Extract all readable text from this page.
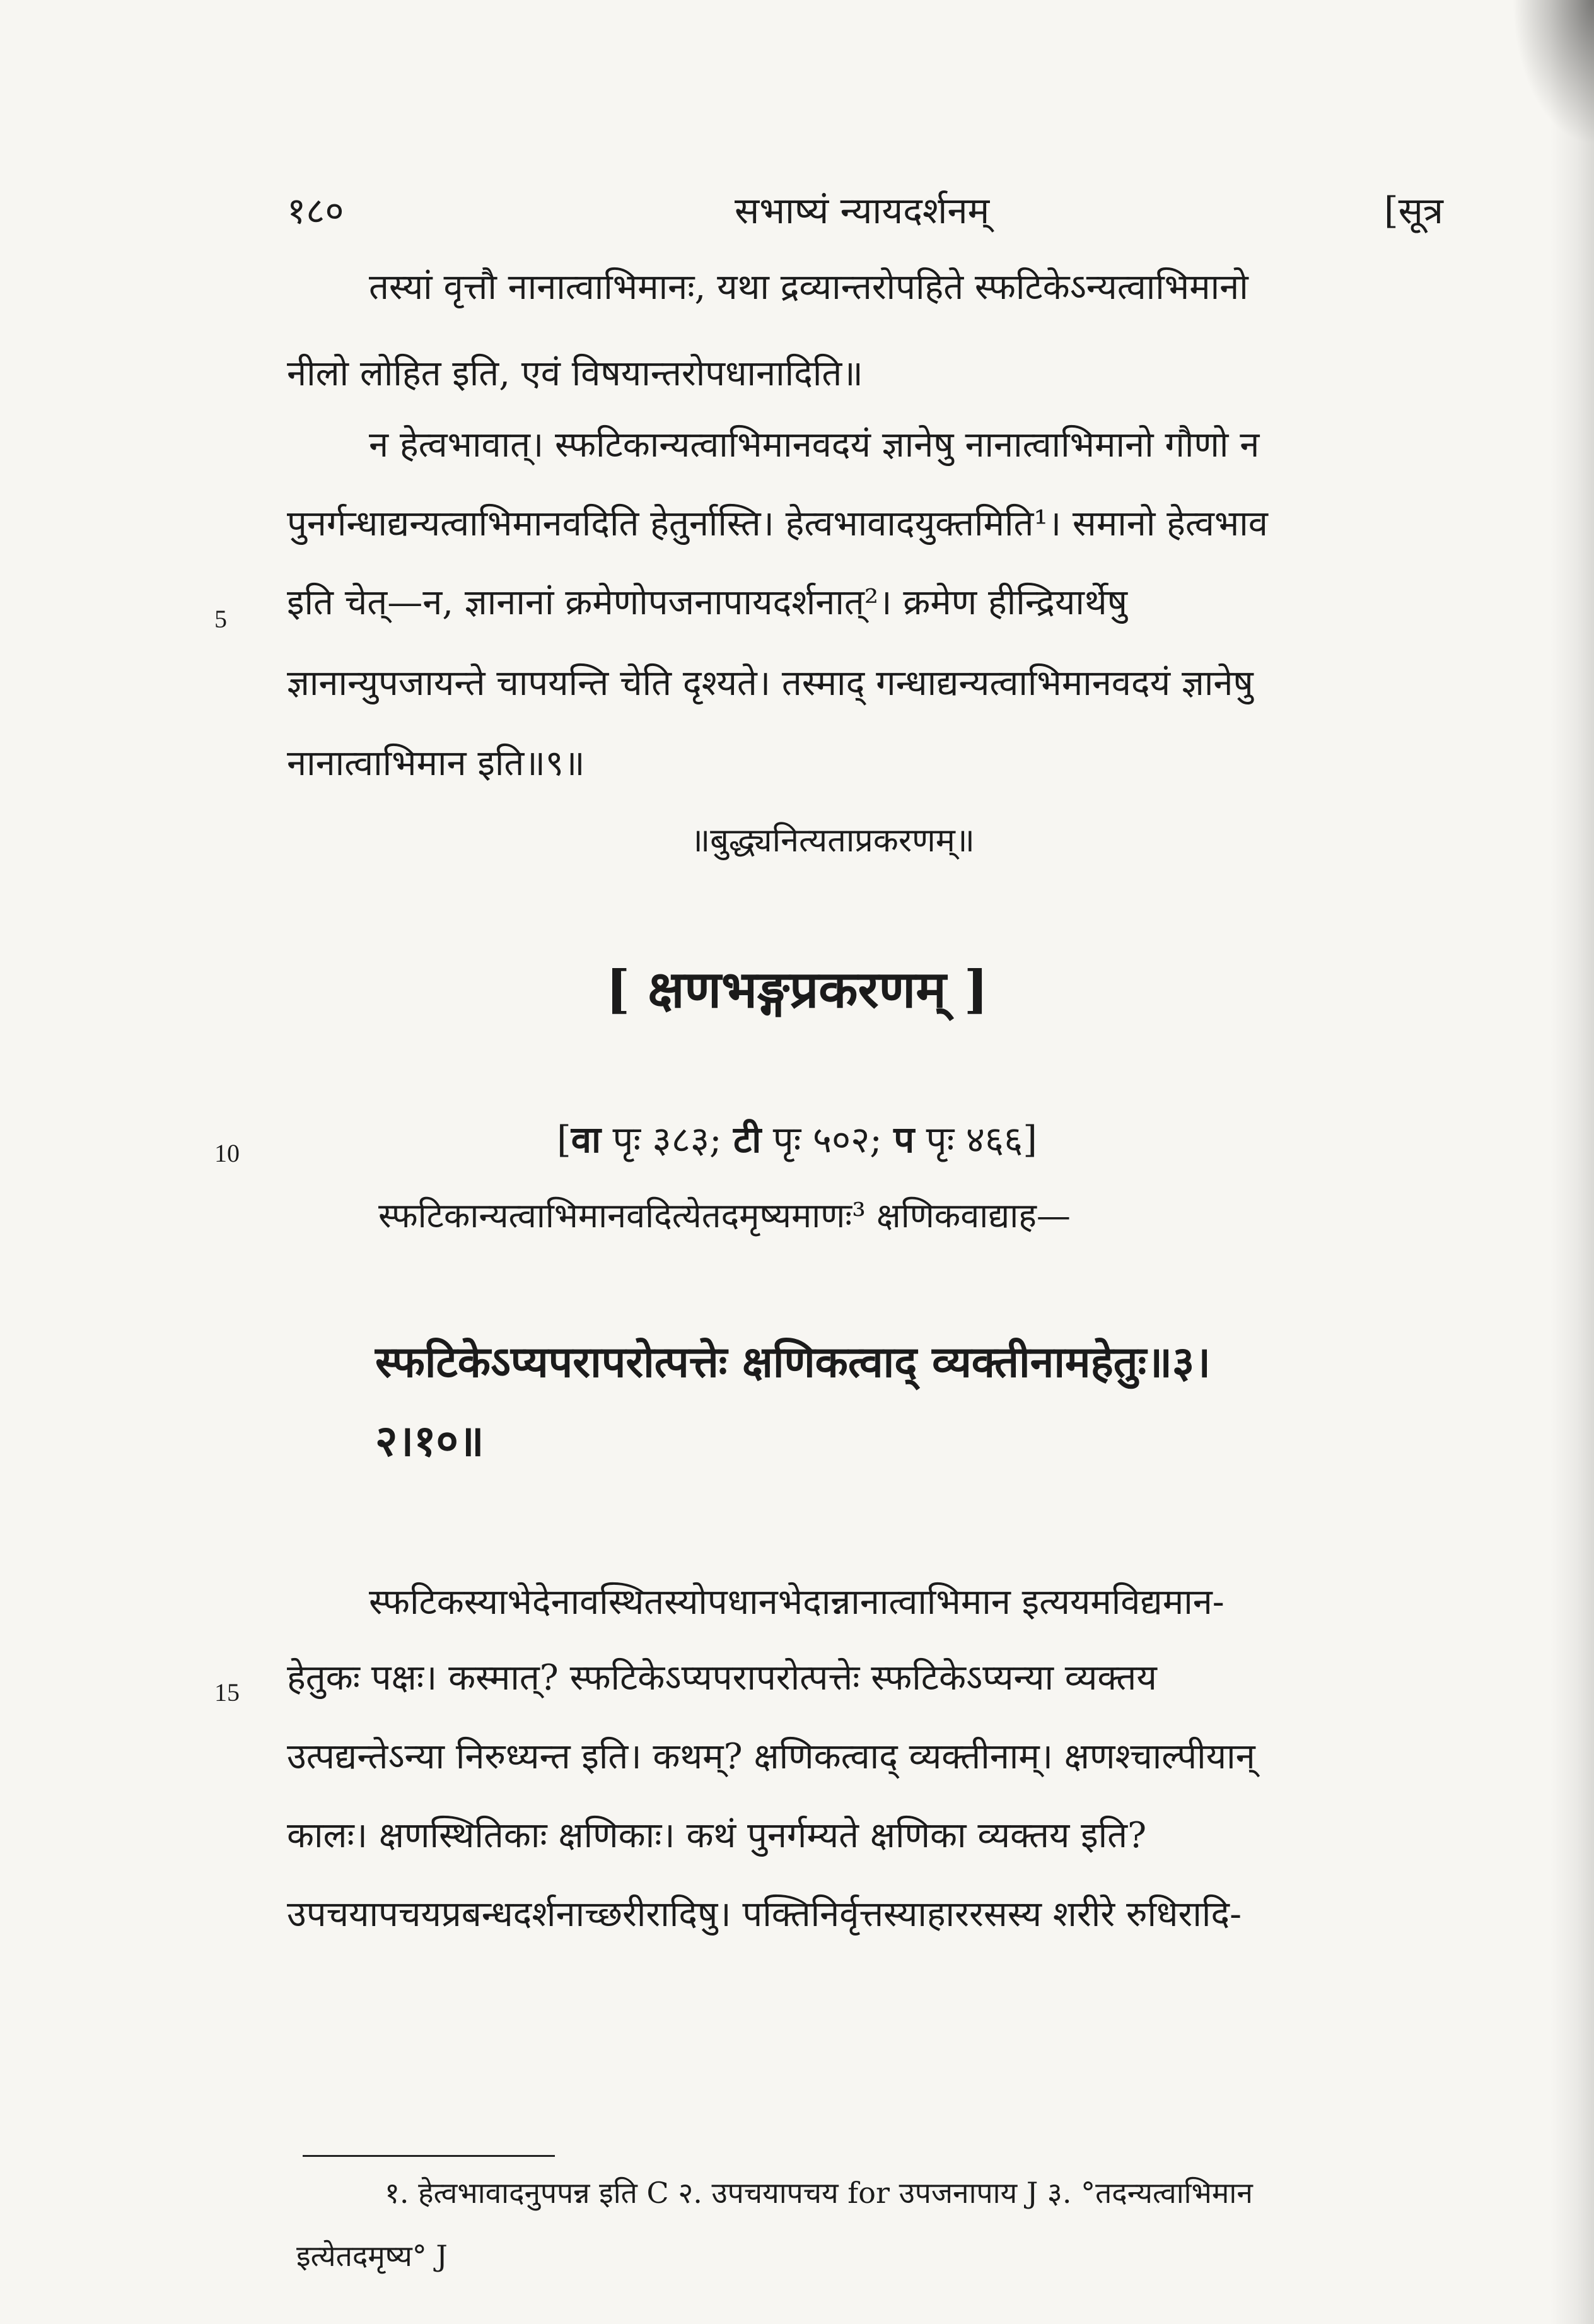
१८०	सभाष्यं न्यायदर्शनम्	[सूत्र
तस्यां वृत्तौ नानात्वाभिमानः, यथा द्रव्यान्तरोपहिते स्फटिकेऽन्यत्वाभिमानो
नीलो लोहित इति, एवं विषयान्तरोपधानादिति॥
न हेत्वभावात्। स्फटिकान्यत्वाभिमानवदयं ज्ञानेषु नानात्वाभिमानो गौणो न
पुनर्गन्धाद्यन्यत्वाभिमानवदिति हेतुर्नास्ति। हेत्वभावादयुक्तमिति¹। समानो हेत्वभाव
5 इति चेत्—न, ज्ञानानां क्रमेणोपजनापायदर्शनात्²। क्रमेण हीन्द्रियार्थेषु
ज्ञानान्युपजायन्ते चापयन्ति चेति दृश्यते। तस्माद् गन्धाद्यन्यत्वाभिमानवदयं ज्ञानेषु
नानात्वाभिमान इति॥९॥
॥बुद्ध्यनित्यताप्रकरणम्॥
[ क्षणभङ्गप्रकरणम् ]
10	[वा पृः ३८३; टी पृः ५०२; प पृः ४६६]
स्फटिकान्यत्वाभिमानवदित्येतदमृष्यमाणः³ क्षणिकवाद्याह—
स्फटिकेऽप्यपरापरोत्पत्तेः क्षणिकत्वाद् व्यक्तीनामहेतुः॥३।
२।१०॥
स्फटिकस्याभेदेनावस्थितस्योपधानभेदान्नानात्वाभिमान इत्ययमविद्यमान-
15 हेतुकः पक्षः। कस्मात्? स्फटिकेऽप्यपरापरोत्पत्तेः स्फटिकेऽप्यन्या व्यक्तय
उत्पद्यन्तेऽन्या निरुध्यन्त इति। कथम्? क्षणिकत्वाद् व्यक्तीनाम्। क्षणश्चाल्पीयान्
कालः। क्षणस्थितिकाः क्षणिकाः। कथं पुनर्गम्यते क्षणिका व्यक्तय इति?
उपचयापचयप्रबन्धदर्शनाच्छरीरादिषु। पक्तिनिर्वृत्तस्याहाररसस्य शरीरे रुधिरादि-
१. हेत्वभावादनुपपन्न इति C २. उपचयापचय for उपजनापाय J ३. °तदन्यत्वाभिमान
इत्येतदमृष्य° J
